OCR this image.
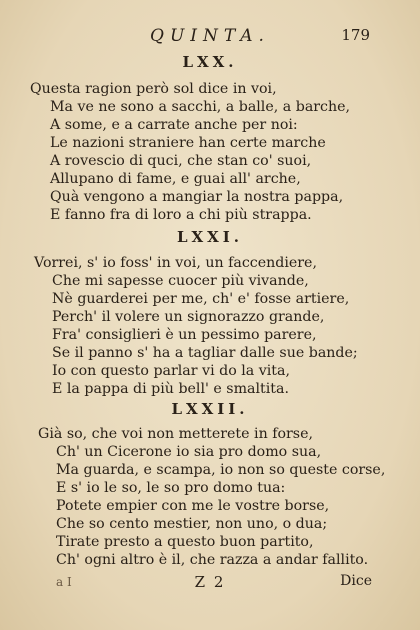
QUINTA.	179
LXX.
Questa ragion però sol dice in voi,
Ma ve ne sono a sacchi, a balle, a barche,
A some, e a carrate anche per noi:
Le nazioni straniere han certe marche
A rovescio di quci, che stan co' suoi,
Allupano di fame, e guai all' arche,
Quà vengono a mangiar la nostra pappa,
E fanno fra di loro a chi più strappa.
LXXI.
Vorrei, s' io foss' in voi, un faccendiere,
Che mi sapesse cuocer più vivande,
Nè guarderei per me, ch' e' fosse artiere,
Perch' il volere un signorazzo grande,
Fra' consiglieri è un pessimo parere,
Se il panno s' ha a tagliar dalle sue bande;
Io con questo parlar vi do la vita,
E la pappa di più bell' e smaltita.
LXXII.
Già so, che voi non metterete in forse,
Ch' un Cicerone io sia pro domo sua,
Ma guarda, e scampa, io non so queste corse,
E s' io le so, le so pro domo tua:
Potete empier con me le vostre borse,
Che so cento mestier, non uno, o dua;
Tirate presto a questo buon partito,
Ch' ogni altro è il, che razza a andar fallito.
a I	Z 2	Dice
